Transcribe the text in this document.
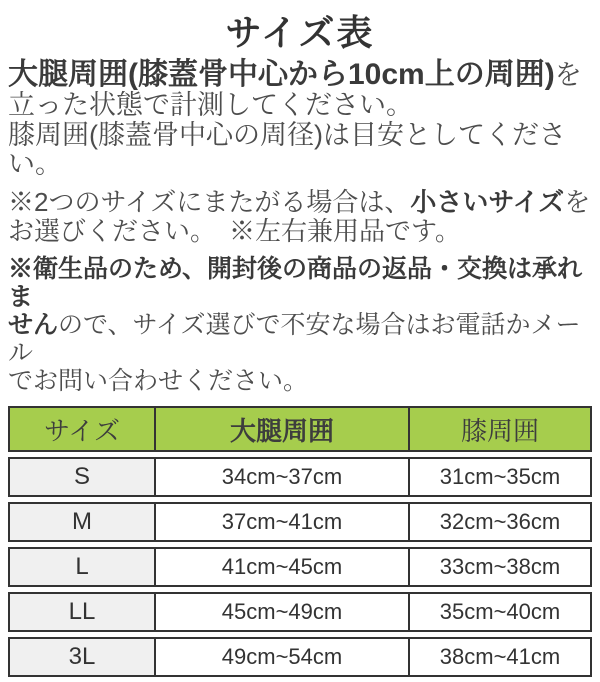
サイズ表

大腿周囲(膝蓋骨中心から10cm上の周囲)を
立った状態で計測してください。
膝周囲(膝蓋骨中心の周径)は目安としてください。

※2つのサイズにまたがる場合は、小さいサイズを
お選びください。　※左右兼用品です。

※衛生品のため、開封後の商品の返品・交換は承れま
せんので、サイズ選びで不安な場合はお電話かメール
でお問い合わせください。

サイズ	大腿周囲	膝周囲
S	34cm~37cm	31cm~35cm
M	37cm~41cm	32cm~36cm
L	41cm~45cm	33cm~38cm
LL	45cm~49cm	35cm~40cm
3L	49cm~54cm	38cm~41cm
